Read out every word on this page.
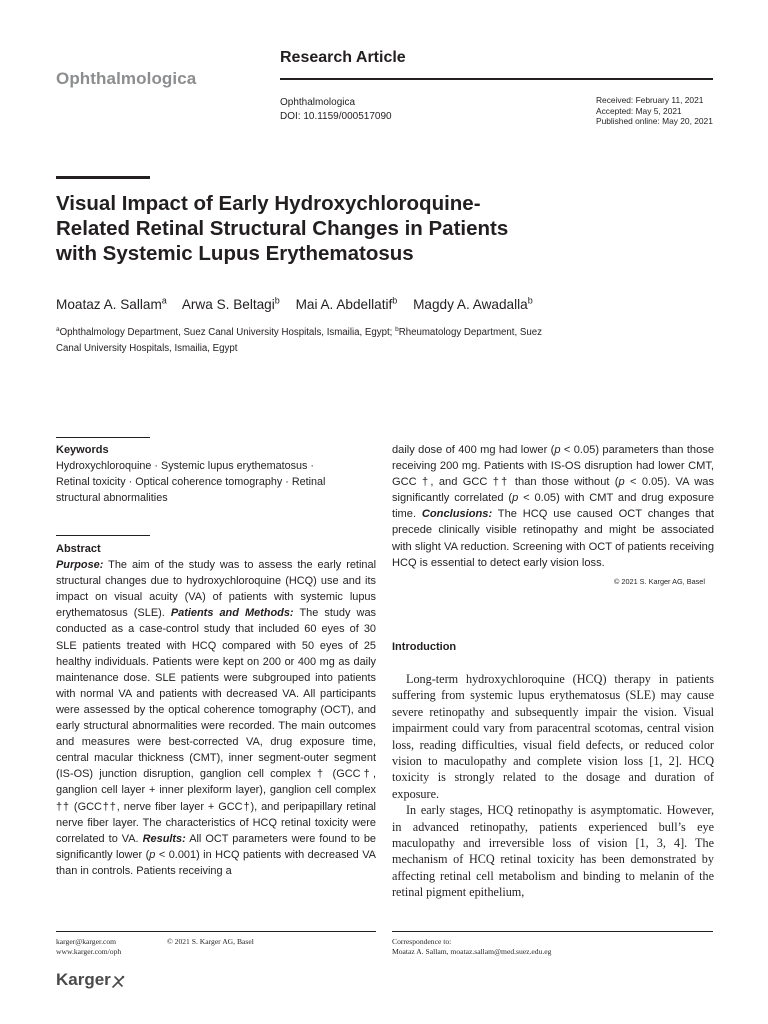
Ophthalmologica
Research Article
Ophthalmologica
DOI: 10.1159/000517090
Received: February 11, 2021
Accepted: May 5, 2021
Published online: May 20, 2021
Visual Impact of Early Hydroxychloroquine-
Related Retinal Structural Changes in Patients
with Systemic Lupus Erythematosus
Moataz A. Sallam$^a$ Arwa S. Beltagi$^b$ Mai A. Abdellatif$^b$ Magdy A. Awadalla$^b$
$^a$Ophthalmology Department, Suez Canal University Hospitals, Ismailia, Egypt; $^b$Rheumatology Department, Suez
Canal University Hospitals, Ismailia, Egypt
Keywords
Hydroxychloroquine · Systemic lupus erythematosus ·
Retinal toxicity · Optical coherence tomography · Retinal
structural abnormalities
Abstract
Purpose: The aim of the study was to assess the early retinal structural changes due to hydroxychloroquine (HCQ) use and its impact on visual acuity (VA) of patients with systemic lupus erythematosus (SLE). Patients and Methods: The study was conducted as a case-control study that included 60 eyes of 30 SLE patients treated with HCQ compared with 50 eyes of 25 healthy individuals. Patients were kept on 200 or 400 mg as daily maintenance dose. SLE patients were subgrouped into patients with normal VA and patients with decreased VA. All participants were assessed by the optical coherence tomography (OCT), and early structural abnormalities were recorded. The main outcomes and measures were best-corrected VA, drug exposure time, central macular thickness (CMT), inner segment-outer segment (IS-OS) junction disruption, ganglion cell complex † (GCC†, ganglion cell layer + inner plexiform layer), ganglion cell complex †† (GCC††, nerve fiber layer + GCC†), and peripapillary retinal nerve fiber layer. The characteristics of HCQ retinal toxicity were correlated to VA. Results: All OCT parameters were found to be significantly lower (p < 0.001) in HCQ patients with decreased VA than in controls. Patients receiving a
daily dose of 400 mg had lower (p < 0.05) parameters than those receiving 200 mg. Patients with IS-OS disruption had lower CMT, GCC †, and GCC †† than those without (p < 0.05). VA was significantly correlated (p < 0.05) with CMT and drug exposure time. Conclusions: The HCQ use caused OCT changes that precede clinically visible retinopathy and might be associated with slight VA reduction. Screening with OCT of patients receiving HCQ is essential to detect early vision loss.
© 2021 S. Karger AG, Basel
Introduction
Long-term hydroxychloroquine (HCQ) therapy in patients suffering from systemic lupus erythematosus (SLE) may cause severe retinopathy and subsequently impair the vision. Visual impairment could vary from paracentral scotomas, central vision loss, reading difficulties, visual field defects, or reduced color vision to maculopathy and complete vision loss [1, 2]. HCQ toxicity is strongly related to the dosage and duration of exposure.
In early stages, HCQ retinopathy is asymptomatic. However, in advanced retinopathy, patients experienced bull’s eye maculopathy and irreversible loss of vision [1, 3, 4]. The mechanism of HCQ retinal toxicity has been demonstrated by affecting retinal cell metabolism and binding to melanin of the retinal pigment epithelium,
karger@karger.com
www.karger.com/oph
© 2021 S. Karger AG, Basel	Correspondence to:
Moataz A. Sallam, moataz.sallam@med.suez.edu.eg
Karger
